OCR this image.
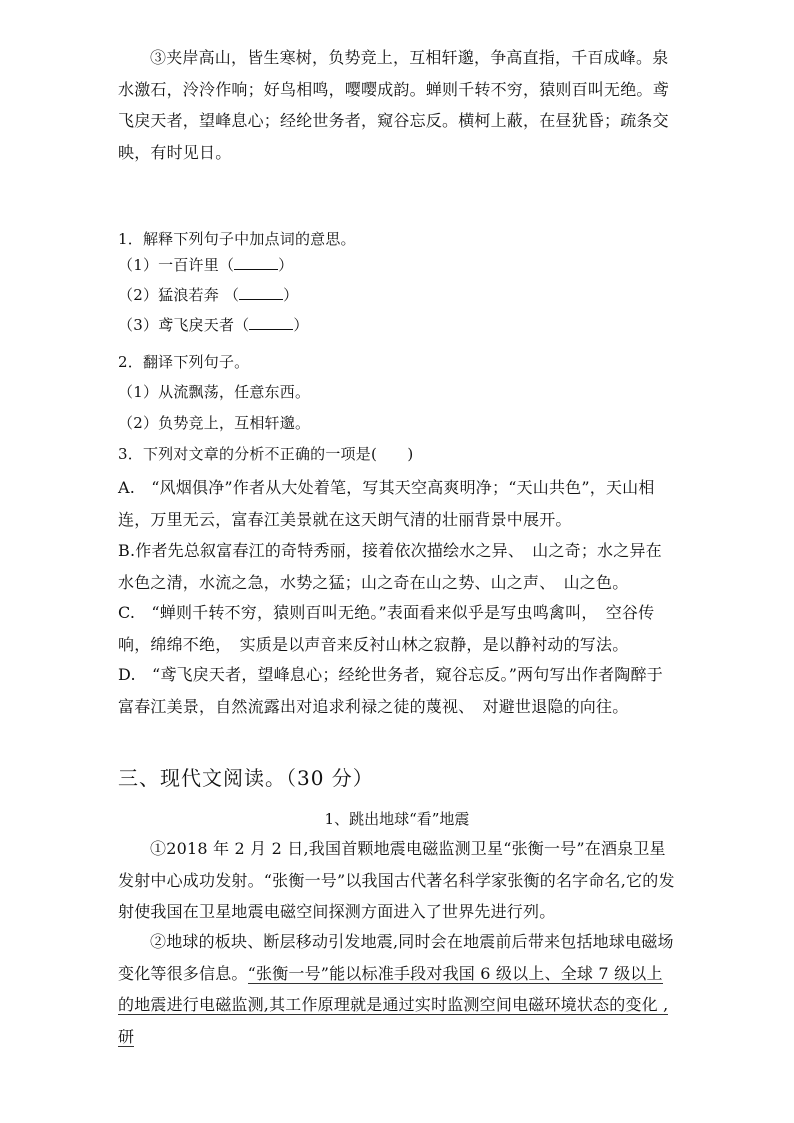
③夹岸高山，皆生寒树，负势竞上，互相轩邈，争高直指，千百成峰。泉水激石，泠泠作响；好鸟相鸣，嘤嘤成韵。蝉则千转不穷，猿则百叫无绝。鸢飞戾天者，望峰息心；经纶世务者，窥谷忘反。横柯上蔽，在昼犹昏；疏条交映，有时见日。
1．解释下列句子中加点词的意思。
（1）一百许里（	）
（2）猛浪若奔 （	）
（3）鸢飞戾天者（	）
2．翻译下列句子。
（1）从流飘荡，任意东西。
（2）负势竞上，互相轩邈。
3．下列对文章的分析不正确的一项是(　　)
A.　“风烟俱净”作者从大处着笔，写其天空高爽明净；“天山共色”，天山相连，万里无云，富春江美景就在这天朗气清的壮丽背景中展开。
B.作者先总叙富春江的奇特秀丽，接着依次描绘水之异、　山之奇；水之异在水色之清，水流之急，水势之猛；山之奇在山之势、山之声、　山之色。
C.　“蝉则千转不穷，猿则百叫无绝。”表面看来似乎是写虫鸣禽叫，　空谷传响，绵绵不绝，　实质是以声音来反衬山林之寂静，是以静衬动的写法。
D.　“鸢飞戾天者，望峰息心；经纶世务者，窥谷忘反。”两句写出作者陶醉于富春江美景，自然流露出对追求利禄之徒的蔑视、　对避世退隐的向往。
三、现代文阅读。（30 分）
1、跳出地球“看”地震
①2018 年 2 月 2 日,我国首颗地震电磁监测卫星“张衡一号”在酒泉卫星发射中心成功发射。“张衡一号”以我国古代著名科学家张衡的名字命名,它的发射使我国在卫星地震电磁空间探测方面进入了世界先进行列。
②地球的板块、断层移动引发地震,同时会在地震前后带来包括地球电磁场变化等很多信息。“张衡一号”能以标准手段对我国 6 级以上、全球 7 级以上的地震进行电磁监测,其工作原理就是通过实时监测空间电磁环境状态的变化 ,研
